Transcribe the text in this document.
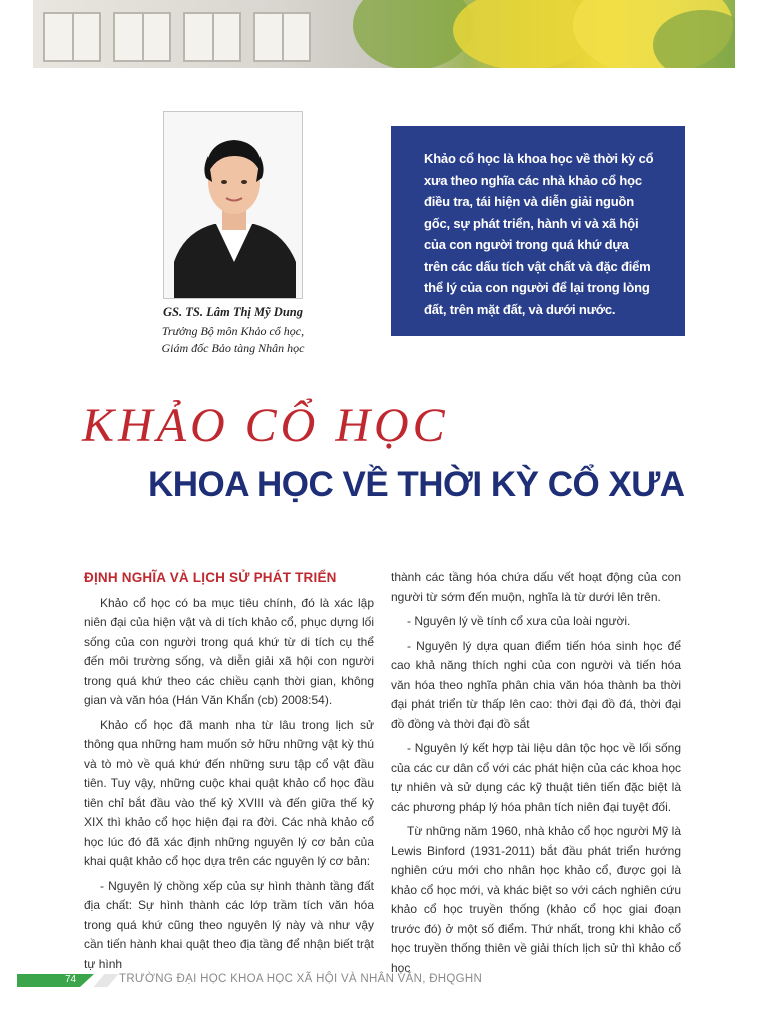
GS. TS. Lâm Thị Mỹ Dung
Trưởng Bộ môn Khảo cổ học,
Giám đốc Bảo tàng Nhân học
Khảo cổ học là khoa học về thời kỳ cổ xưa theo nghĩa các nhà khảo cổ học điều tra, tái hiện và diễn giải nguồn gốc, sự phát triển, hành vi và xã hội của con người trong quá khứ dựa trên các dấu tích vật chất và đặc điểm thể lý của con người để lại trong lòng đất, trên mặt đất, và dưới nước.
KHẢO CỔ HỌC
KHOA HỌC VỀ THỜI KỲ CỔ XƯA
ĐỊNH NGHĨA VÀ LỊCH SỬ PHÁT TRIỂN

Khảo cổ học có ba mục tiêu chính, đó là xác lập niên đại của hiện vật và di tích khảo cổ, phục dựng lối sống của con người trong quá khứ từ di tích cụ thể đến môi trường sống, và diễn giải xã hội con người trong quá khứ theo các chiều cạnh thời gian, không gian và văn hóa (Hán Văn Khẩn (cb) 2008:54).

Khảo cổ học đã manh nha từ lâu trong lịch sử thông qua những ham muốn sở hữu những vật kỳ thú và tò mò về quá khứ đến những sưu tập cổ vật đầu tiên. Tuy vậy, những cuộc khai quật khảo cổ học đầu tiên chỉ bắt đầu vào thế kỷ XVIII và đến giữa thế kỷ XIX thì khảo cổ học hiện đại ra đời. Các nhà khảo cổ học lúc đó đã xác định những nguyên lý cơ bản của khai quật khảo cổ học dựa trên các nguyên lý cơ bản:

- Nguyên lý chồng xếp của sự hình thành tầng đất địa chất: Sự hình thành các lớp trầm tích văn hóa trong quá khứ cũng theo nguyên lý này và như vậy cần tiến hành khai quật theo địa tầng để nhận biết trật tự hình

thành các tầng hóa chứa dấu vết hoạt động của con người từ sớm đến muộn, nghĩa là từ dưới lên trên.

- Nguyên lý về tính cổ xưa của loài người.

- Nguyên lý dựa quan điểm tiến hóa sinh học để cao khả năng thích nghi của con người và tiến hóa văn hóa theo nghĩa phân chia văn hóa thành ba thời đại phát triển từ thấp lên cao: thời đại đồ đá, thời đại đồ đồng và thời đại đồ sắt

- Nguyên lý kết hợp tài liệu dân tộc học về lối sống của các cư dân cổ với các phát hiện của các khoa học tự nhiên và sử dụng các kỹ thuật tiên tiến đặc biệt là các phương pháp lý hóa phân tích niên đại tuyệt đối.

Từ những năm 1960, nhà khảo cổ học người Mỹ là Lewis Binford (1931-2011) bắt đầu phát triển hướng nghiên cứu mới cho nhân học khảo cổ, được gọi là khảo cổ học mới, và khác biệt so với cách nghiên cứu khảo cổ học truyền thống (khảo cổ học giai đoạn trước đó) ở một số điểm. Thứ nhất, trong khi khảo cổ học truyền thống thiên về giải thích lịch sử thì khảo cổ học

74	TRƯỜNG ĐẠI HỌC KHOA HỌC XÃ HỘI VÀ NHÂN VĂN, ĐHQGHN
